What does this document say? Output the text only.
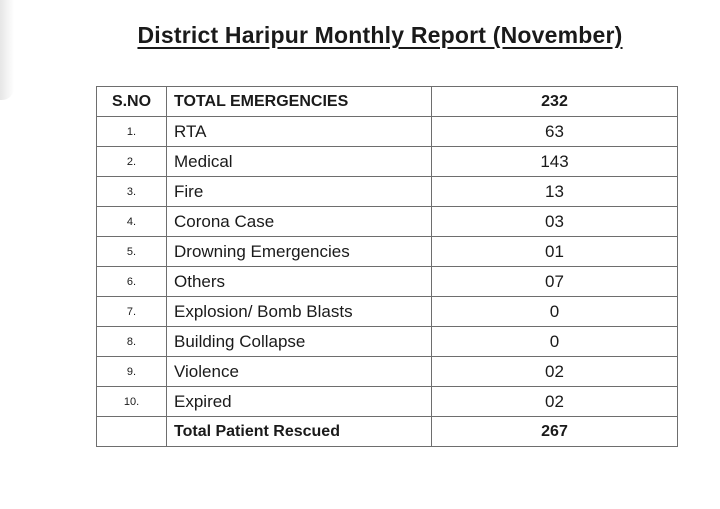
District Haripur Monthly Report (November)
S.NO	TOTAL EMERGENCIES	232
1.	RTA	63
2.	Medical	143
3.	Fire	13
4.	Corona Case	03
5.	Drowning Emergencies	01
6.	Others	07
7.	Explosion/ Bomb Blasts	0
8.	Building Collapse	0
9.	Violence	02
10.	Expired	02
	Total Patient Rescued	267
